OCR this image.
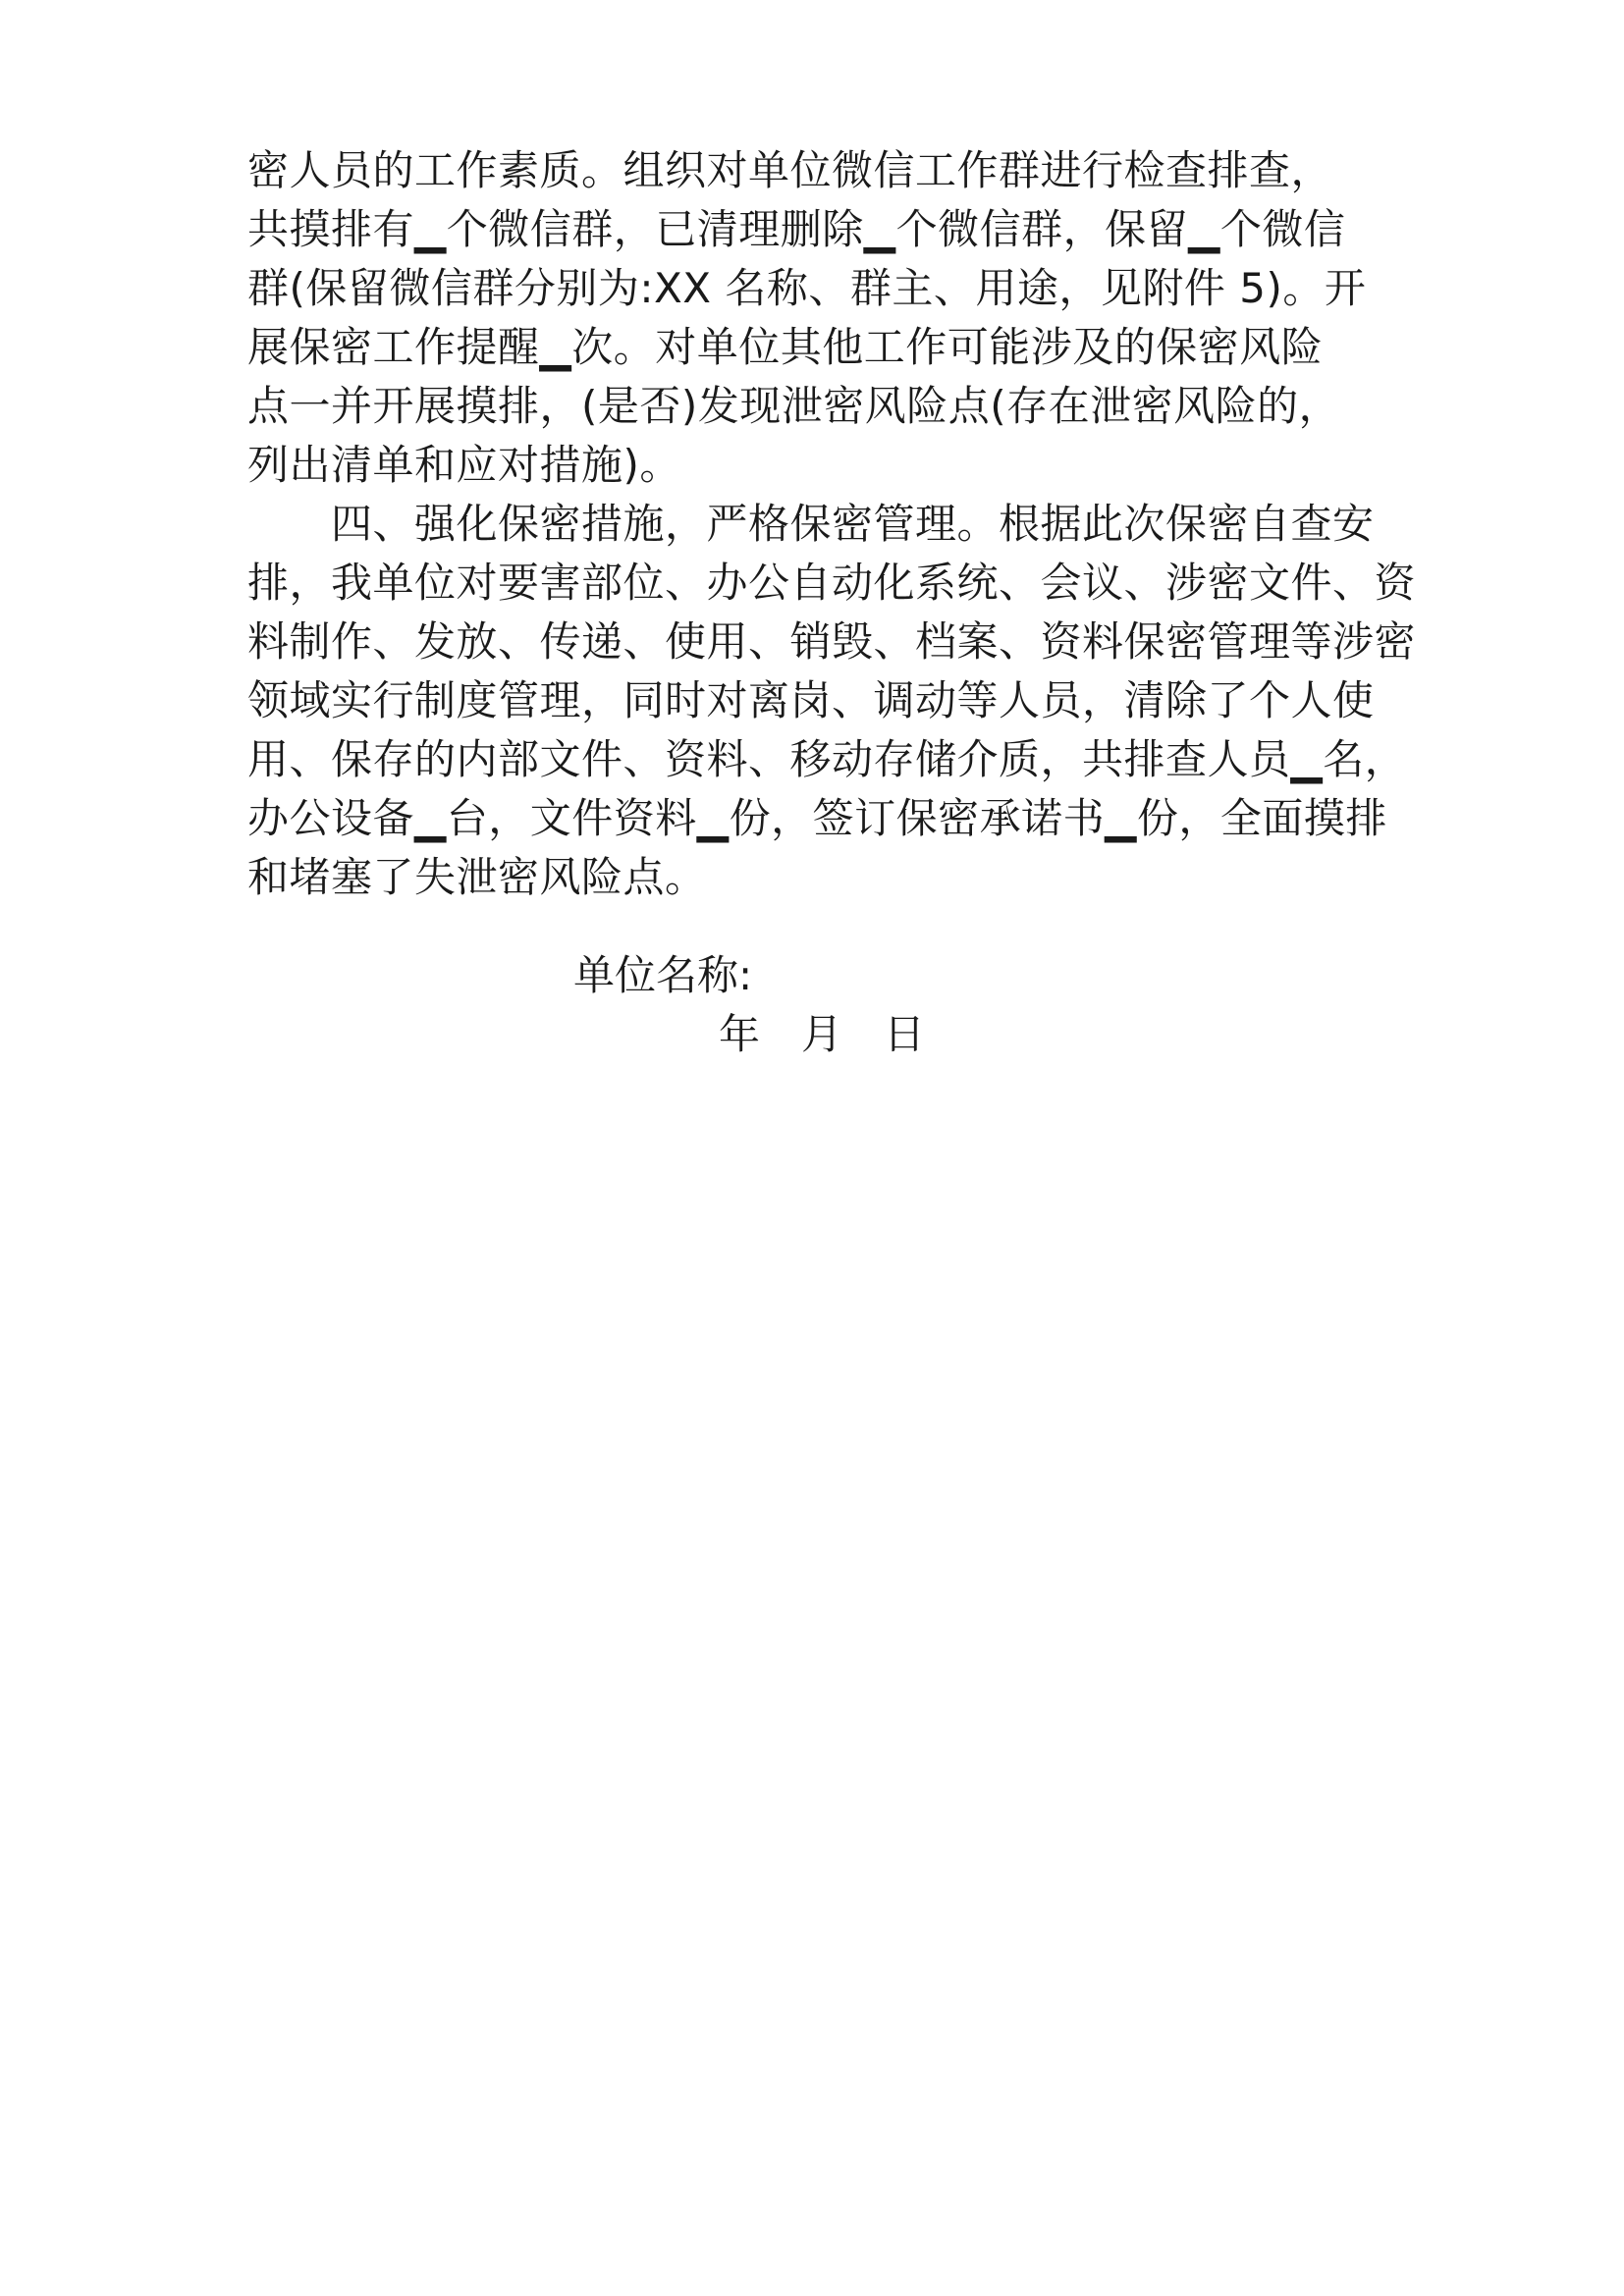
密人员的工作素质。组织对单位微信工作群进行检查排查，

共摸排有▁个微信群，已清理删除▁个微信群，保留▁个微信

群(保留微信群分别为:XX 名称、群主、用途，见附件 5)。开

展保密工作提醒▁次。对单位其他工作可能涉及的保密风险

点一并开展摸排，(是否)发现泄密风险点(存在泄密风险的，

列出清单和应对措施)。

　　四、强化保密措施，严格保密管理。根据此次保密自查安

排，我单位对要害部位、办公自动化系统、会议、涉密文件、资

料制作、发放、传递、使用、销毁、档案、资料保密管理等涉密

领域实行制度管理，同时对离岗、调动等人员，清除了个人使

用、保存的内部文件、资料、移动存储介质，共排查人员▁名，

办公设备▁台，文件资料▁份，签订保密承诺书▁份，全面摸排

和堵塞了失泄密风险点。

单位名称:

年　月　日
